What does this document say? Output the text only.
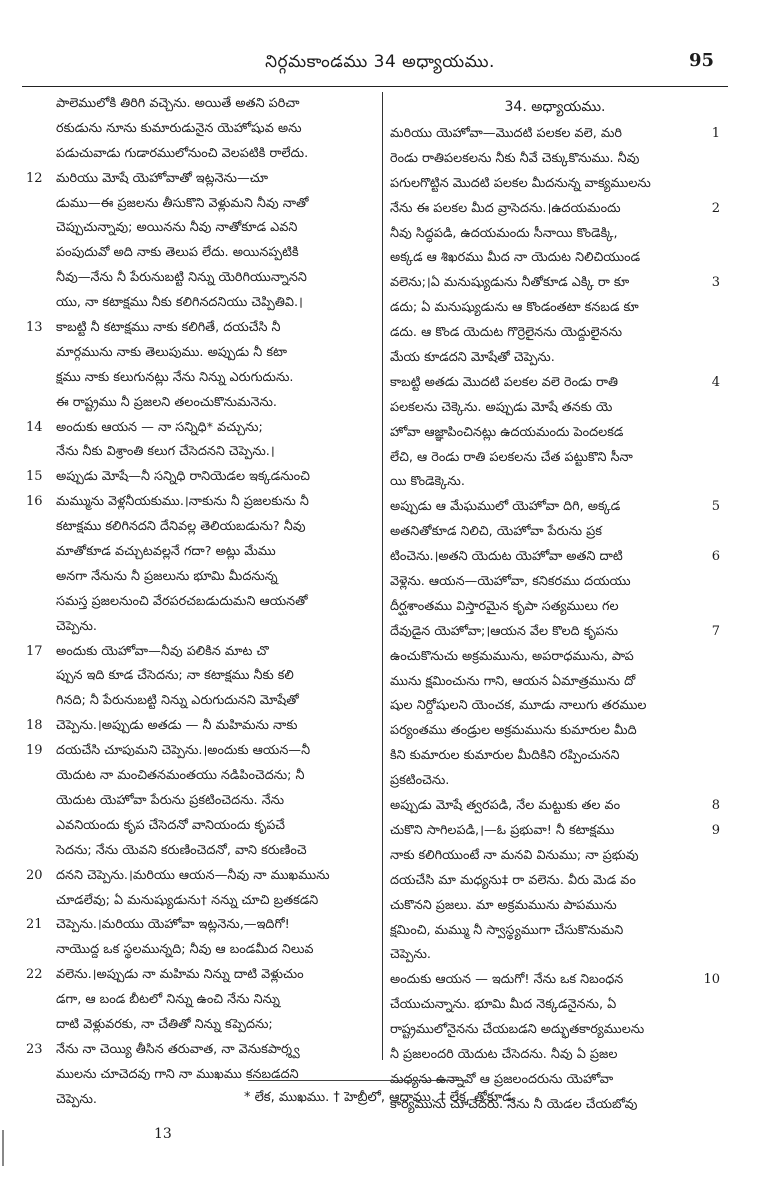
నిర్గమకాండము 34 అధ్యాయము.	95
పాలెములోకి తిరిగి వచ్చెను. అయితే అతని పరిచా
రకుడును నూను కుమారుడునైన యెహోషువ అను
పడుచువాడు గుడారములోనుంచి వెలపటికి రాలేదు.
12	మరియు మోషే యెహోవాతో ఇట్లనెను—చూ
డుము—ఈ ప్రజలను తీసుకొని వెళ్లుమని నీవు నాతో
చెప్పుచున్నావు; అయినను నీవు నాతోకూడ ఎవని
పంపుదువో అది నాకు తెలుప లేదు. అయినప్పటికి
నీవు—నేను నీ పేరునుబట్టి నిన్ను యెరిగియున్నానని
యు, నా కటాక్షము నీకు కలిగినదనియు చెప్పితివి.।
13	కాబట్టి నీ కటాక్షము నాకు కలిగితే, దయచేసి నీ
మార్గమును నాకు తెలుపుము. అప్పుడు నీ కటా
క్షము నాకు కలుగునట్లు నేను నిన్ను ఎరుగుదును.
ఈ రాష్ట్రము నీ ప్రజలని తలంచుకొనుమనెను.
14	అందుకు ఆయన — నా సన్నిధి* వచ్చును;
నేను నీకు విశ్రాంతి కలుగ చేసెదనని చెప్పెను.।
15	అప్పుడు మోషే—నీ సన్నిధి రానియెడల ఇక్కడనుంచి
16	మమ్మును వెళ్లనీయకుము.।నాకును నీ ప్రజలకును నీ
కటాక్షము కలిగినదని దేనివల్ల తెలియబడును? నీవు
మాతోకూడ వచ్చుటవల్లనే గదా? అట్లు మేము
అనగా నేనును నీ ప్రజలును భూమి మీదనున్న
సమస్త ప్రజలనుంచి వేరపరచబడుదుమని ఆయనతో
చెప్పెను.
17	అందుకు యెహోవా—నీవు పలికిన మాట చొ
ప్పున ఇది కూడ చేసెదను; నా కటాక్షము నీకు కలి
గినది; నీ పేరునుబట్టి నిన్ను ఎరుగుదునని మోషేతో
18	చెప్పెను.।అప్పుడు అతడు — నీ మహిమను నాకు
19	దయచేసి చూపుమని చెప్పెను.।అందుకు ఆయన—నీ
యెదుట నా మంచితనమంతయు నడిపించెదను; నీ
యెదుట యెహోవా పేరును ప్రకటించెదను. నేను
ఎవనియందు కృప చేసెదనో వానియందు కృపచే
సెదను; నేను యెవని కరుణించెదనో, వాని కరుణించె
20	దనని చెప్పెను.।మరియు ఆయన—నీవు నా ముఖమును
చూడలేవు; ఏ మనుష్యుడును† నన్ను చూచి బ్రతకడని
21	చెప్పెను.।మరియు యెహోవా ఇట్లనెను,—ఇదిగో!
నాయొద్ద ఒక స్థలమున్నది; నీవు ఆ బండమీద నిలువ
22	వలెను.।అప్పుడు నా మహిమ నిన్ను దాటి వెళ్లుచుం
డగా, ఆ బండ బీటలో నిన్ను ఉంచి నేను నిన్ను
దాటి వెళ్లువరకు, నా చేతితో నిన్ను కప్పెదను;
23	నేను నా చెయ్యి తీసిన తరువాత, నా వెనుకపార్శ్వ
ములను చూచెదవు గాని నా ముఖము కనబడదని
చెప్పెను.
34. అధ్యాయము.
1
మరియు యెహోవా—మొదటి పలకల వలె, మరి
రెండు రాతిపలకలను నీకు నీవే చెక్కుకొనుము. నీవు
పగులగొట్టిన మొదటి పలకల మీదనున్న వాక్యములను
2
నేను ఈ పలకల మీద వ్రాసెదను.।ఉదయమందు
నీవు సిద్ధపడి, ఉదయమందు సీనాయి కొండెక్కి,
అక్కడ ఆ శిఖరము మీద నా యెదుట నిలిచియుండ
3
వలెను;।ఏ మనుష్యుడును నీతోకూడ ఎక్కి రా కూ
డదు; ఏ మనుష్యుడును ఆ కొండంతటా కనబడ కూ
డదు. ఆ కొండ యెదుట గొర్రెలైనను యెద్దులైనను
మేయ కూడదని మోషేతో చెప్పెను.
4
కాబట్టి అతడు మొదటి పలకల వలె రెండు రాతి
పలకలను చెక్కెను. అప్పుడు మోషే తనకు యె
హోవా ఆజ్ఞాపించినట్లు ఉదయమందు పెందలకడ
లేచి, ఆ రెండు రాతి పలకలను చేత పట్టుకొని సీనా
యి కొండెక్కెను.
5
అప్పుడు ఆ మేఘములో యెహోవా దిగి, అక్కడ
అతనితోకూడ నిలిచి, యెహోవా పేరును ప్రక
6
టించెను.।అతని యెదుట యెహోవా అతని దాటి
వెళ్లెను. ఆయన—యెహోవా, కనికరము దయయు
దీర్ఘశాంతము విస్తారమైన కృపా సత్యములు గల
7
దేవుడైన యెహోవా;।ఆయన వేల కొలది కృపను
ఉంచుకొనుచు అక్రమమును, అపరాధమును, పాప
మును క్షమించును గాని, ఆయన ఏమాత్రమును దో
షుల నిర్దోషులని యెంచక, మూడు నాలుగు తరముల
పర్యంతము తండ్రుల అక్రమమును కుమారుల మీది
కిని కుమారుల కుమారుల మీదికిని రప్పించునని
ప్రకటించెను.
8
అప్పుడు మోషే త్వరపడి, నేల మట్టుకు తల వం
9
చుకొని సాగిలపడి,।—ఓ ప్రభువా! నీ కటాక్షము
నాకు కలిగియుంటే నా మనవి వినుము; నా ప్రభువు
దయచేసి మా మధ్యను‡ రా వలెను. వీరు మెడ వం
చుకొనని ప్రజలు. మా అక్రమమును పాపమును
క్షమించి, మమ్ము నీ స్వాస్థ్యముగా చేసుకొనుమని
చెప్పెను.
10
అందుకు ఆయన — ఇదుగో! నేను ఒక నిబంధన
చేయుచున్నాను. భూమి మీద నెక్కడనైనను, ఏ
రాష్ట్రములోనైనను చేయబడని అద్భుతకార్యములను
నీ ప్రజలందరి యెదుట చేసెదను. నీవు ఏ ప్రజల
మధ్యను ఉన్నావో ఆ ప్రజలందరును యెహోవా
కార్యమును చూచెదరు. నేను నీ యెడల చేయబోవు
* లేక, ముఖము. † హెబ్రీలో, ఆదాము. ‡ లేక, తోకూడ.
13
